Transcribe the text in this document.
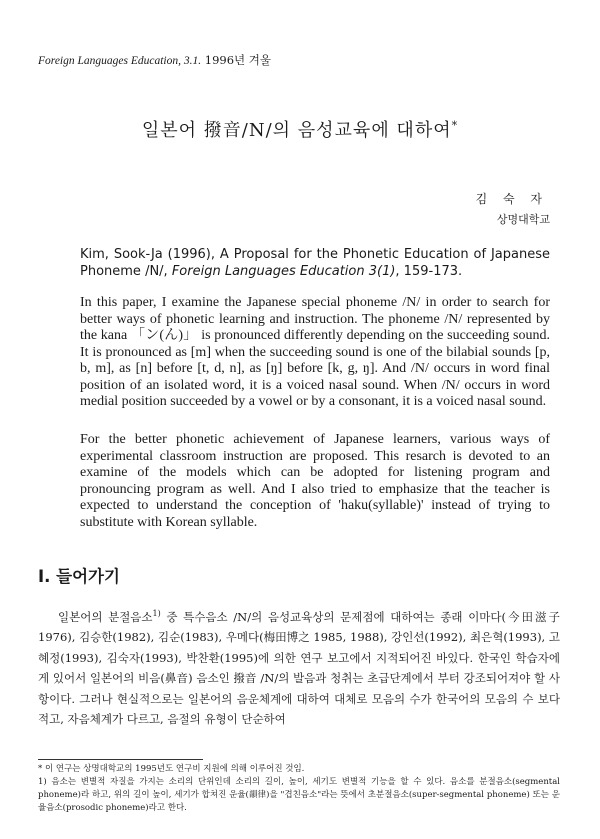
Foreign Languages Education, 3.1. 1996년 겨울
일본어 撥音/N/의 음성교육에 대하여*
김 숙 자
상명대학교
Kim, Sook-Ja (1996), A Proposal for the Phonetic Education of Japanese Phoneme /N/, Foreign Languages Education 3(1), 159-173.
In this paper, I examine the Japanese special phoneme /N/ in order to search for better ways of phonetic learning and instruction. The phoneme /N/ represented by the kana 「ン(ん)」 is pronounced differently depending on the succeeding sound. It is pronounced as [m] when the succeeding sound is one of the bilabial sounds [p, b, m], as [n] before [t, d, n], as [ŋ] before [k, g, ŋ]. And /N/ occurs in word final position of an isolated word, it is a voiced nasal sound. When /N/ occurs in word medial position succeeded by a vowel or by a consonant, it is a voiced nasal sound.
For the better phonetic achievement of Japanese learners, various ways of experimental classroom instruction are proposed. This resarch is devoted to an examine of the models which can be adopted for listening program and pronouncing program as well. And I also tried to emphasize that the teacher is expected to understand the conception of 'haku(syllable)' instead of trying to substitute with Korean syllable.
I. 들어가기
일본어의 분절음소$^{1)}$ 중 특수음소 /N/의 음성교육상의 문제점에 대하여는 종래 이마다(今田滋子 1976), 김승한(1982), 김순(1983), 우메다(梅田博之 1985, 1988), 강인선(1992), 최은혁(1993), 고혜정(1993), 김숙자(1993), 박찬환(1995)에 의한 연구 보고에서 지적되어진 바있다. 한국인 학습자에게 있어서 일본어의 비음(鼻音) 음소인 撥音 /N/의 발음과 청취는 초급단계에서 부터 강조되어져야 할 사항이다. 그러나 현실적으로는 일본어의 음운체계에 대하여 대체로 모음의 수가 한국어의 모음의 수 보다 적고, 자음체계가 다르고, 음절의 유형이 단순하여
* 이 연구는 상명대학교의 1995년도 연구비 지원에 의해 이루어진 것임.
1) 음소는 변별적 자질을 가지는 소리의 단위인데 소리의 길이, 높이, 세기도 변별적 기능을 할 수 있다. 음소를 분절음소(segmental phoneme)라 하고, 위의 길이 높이, 세기가 합쳐진 운율(韻律)을 "겹친음소"라는 뜻에서 초분절음소(super-segmental phoneme) 또는 운율음소(prosodic phoneme)라고 한다.
